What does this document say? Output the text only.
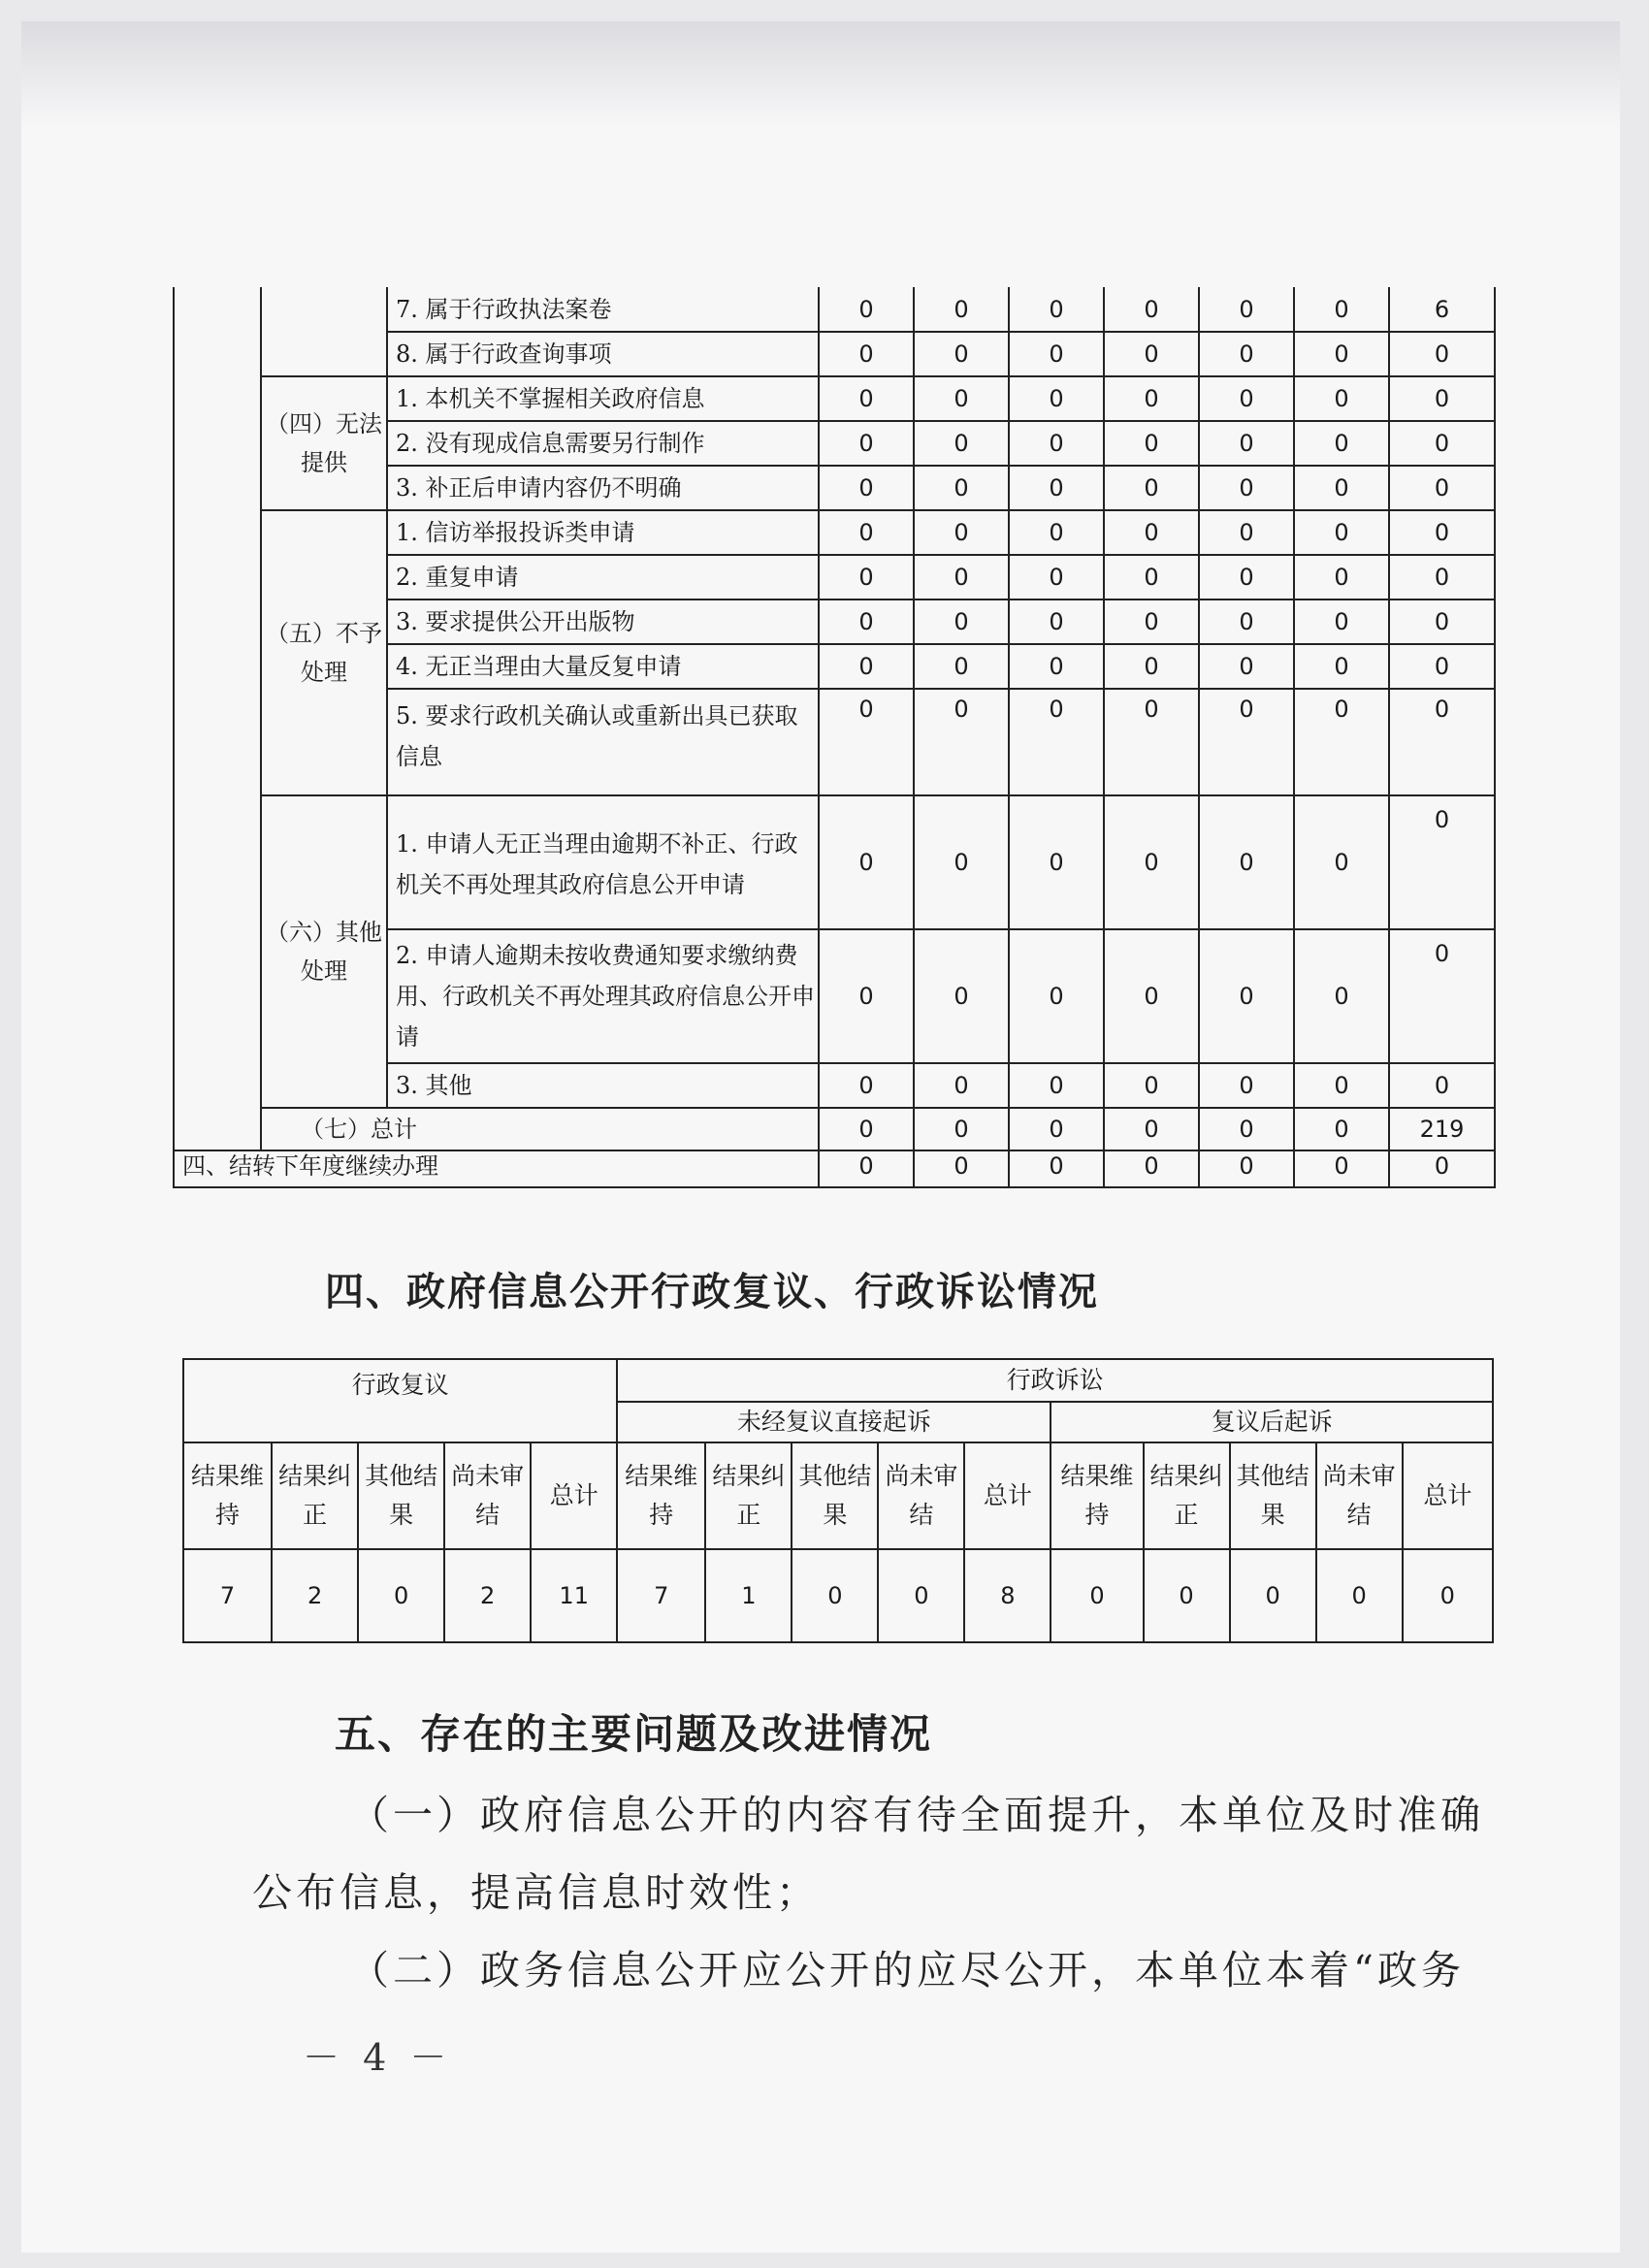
		7. 属于行政执法案卷	0	0	0	0	0	0	6
		8. 属于行政查询事项	0	0	0	0	0	0	0
	（四）无法提供	1. 本机关不掌握相关政府信息	0	0	0	0	0	0	0
		2. 没有现成信息需要另行制作	0	0	0	0	0	0	0
		3. 补正后申请内容仍不明确	0	0	0	0	0	0	0
	（五）不予处理	1. 信访举报投诉类申请	0	0	0	0	0	0	0
		2. 重复申请	0	0	0	0	0	0	0
		3. 要求提供公开出版物	0	0	0	0	0	0	0
		4. 无正当理由大量反复申请	0	0	0	0	0	0	0
		5. 要求行政机关确认或重新出具已获取信息	0	0	0	0	0	0	0
	（六）其他处理	1. 申请人无正当理由逾期不补正、行政机关不再处理其政府信息公开申请	0	0	0	0	0	0	0
		2. 申请人逾期未按收费通知要求缴纳费用、行政机关不再处理其政府信息公开申请	0	0	0	0	0	0	0
		3. 其他	0	0	0	0	0	0	0
	（七）总计		0	0	0	0	0	0	219
四、结转下年度继续办理	0	0	0	0	0	0	0
四、政府信息公开行政复议、行政诉讼情况
行政复议					行政诉讼									
					未经复议直接起诉					复议后起诉				
结果维持	结果纠正	其他结果	尚未审结	总计	结果维持	结果纠正	其他结果	尚未审结	总计	结果维持	结果纠正	其他结果	尚未审结	总计
7	2	0	2	11	7	1	0	0	8	0	0	0	0	0
五、存在的主要问题及改进情况
（一）政府信息公开的内容有待全面提升，本单位及时准确
公布信息，提高信息时效性；
（二）政务信息公开应公开的应尽公开，本单位本着“政务
－ 4 －
